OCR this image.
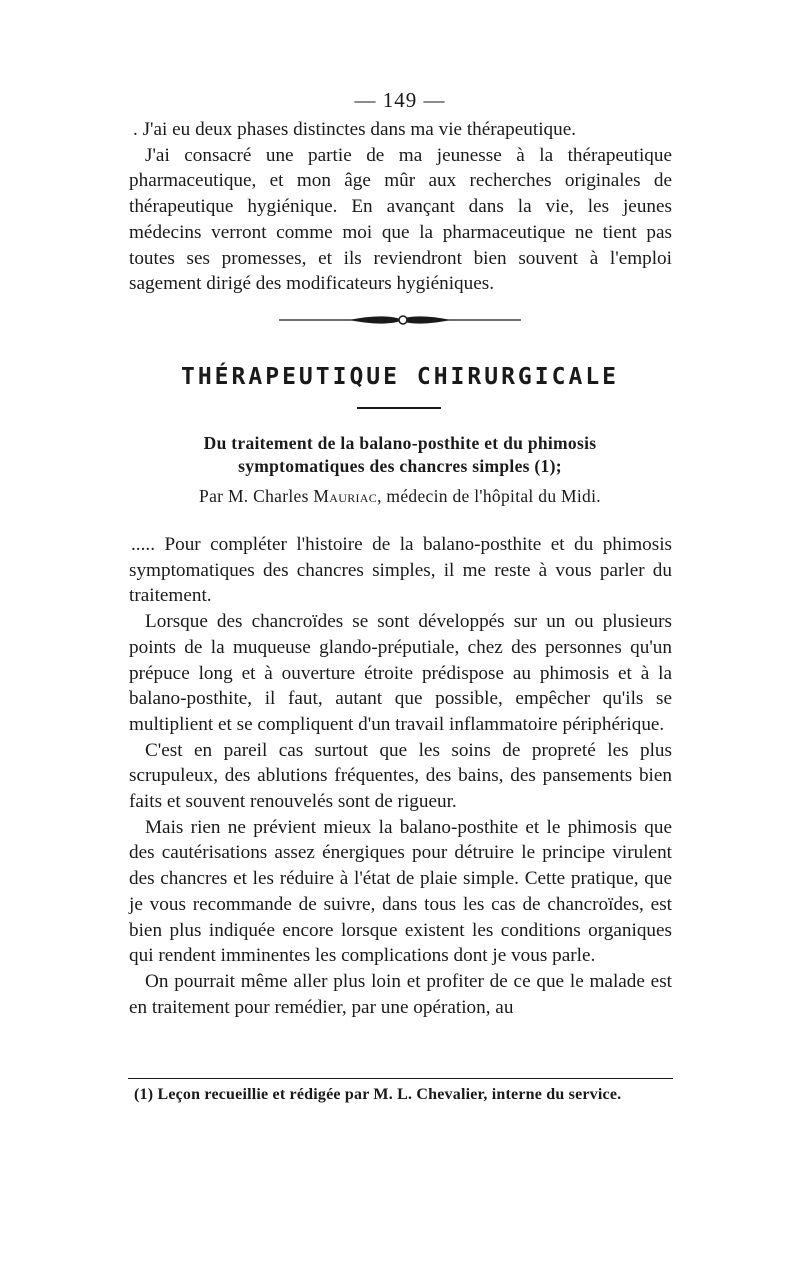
— 149 —

. J'ai eu deux phases distinctes dans ma vie thérapeutique.

J'ai consacré une partie de ma jeunesse à la thérapeutique pharmaceutique, et mon âge mûr aux recherches originales de thérapeutique hygiénique. En avançant dans la vie, les jeunes médecins verront comme moi que la pharmaceutique ne tient pas toutes ses promesses, et ils reviendront bien souvent à l'emploi sagement dirigé des modificateurs hygiéniques.

THÉRAPEUTIQUE CHIRURGICALE
Du traitement de la balano-posthite et du phimosis
symptomatiques des chancres simples (1);
Par M. Charles Mauriac, médecin de l'hôpital du Midi.

..... Pour compléter l'histoire de la balano-posthite et du phimosis symptomatiques des chancres simples, il me reste à vous parler du traitement.

Lorsque des chancroïdes se sont développés sur un ou plusieurs points de la muqueuse glando-préputiale, chez des personnes qu'un prépuce long et à ouverture étroite prédispose au phimosis et à la balano-posthite, il faut, autant que possible, empêcher qu'ils se multiplient et se compliquent d'un travail inflammatoire périphérique.

C'est en pareil cas surtout que les soins de propreté les plus scrupuleux, des ablutions fréquentes, des bains, des pansements bien faits et souvent renouvelés sont de rigueur.

Mais rien ne prévient mieux la balano-posthite et le phimosis que des cautérisations assez énergiques pour détruire le principe virulent des chancres et les réduire à l'état de plaie simple. Cette pratique, que je vous recommande de suivre, dans tous les cas de chancroïdes, est bien plus indiquée encore lorsque existent les conditions organiques qui rendent imminentes les complications dont je vous parle.

On pourrait même aller plus loin et profiter de ce que le malade est en traitement pour remédier, par une opération, au

(1) Leçon recueillie et rédigée par M. L. Chevalier, interne du service.
